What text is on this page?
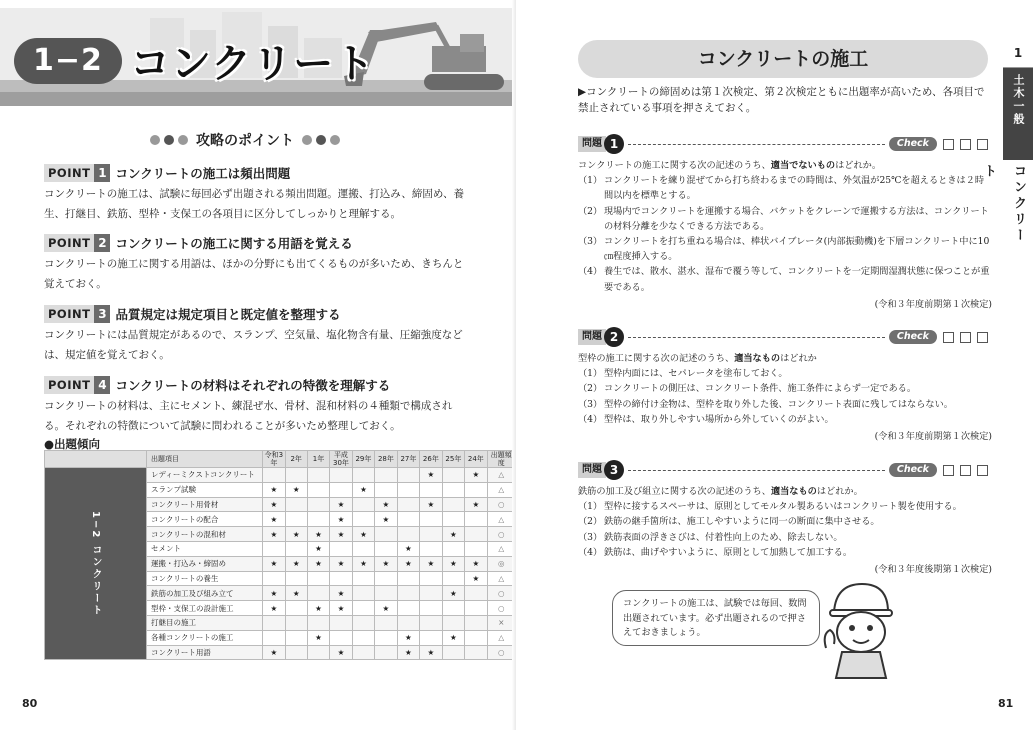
1−2 コンクリート
攻略のポイント
POINT 1 コンクリートの施工は頻出問題
コンクリートの施工は、試験に毎回必ず出題される頻出問題。運搬、打込み、締固め、養生、打継目、鉄筋、型枠・支保工の各項目に区分してしっかりと理解する。
POINT 2 コンクリートの施工に関する用語を覚える
コンクリートの施工に関する用語は、ほかの分野にも出てくるものが多いため、きちんと覚えておく。
POINT 3 品質規定は規定項目と既定値を整理する
コンクリートには品質規定があるので、スランプ、空気量、塩化物含有量、圧縮強度などは、規定値を覚えておく。
POINT 4 コンクリートの材料はそれぞれの特徴を理解する
コンクリートの材料は、主にセメント、練混ぜ水、骨材、混和材料の４種類で構成される。それぞれの特徴について試験に問われることが多いため整理しておく。
●出題傾向
	出題項目	令和3年	2年	1年	平成30年	29年	28年	27年	26年	25年	24年	出題頻度
1−2 コンクリート	レディーミクストコンクリート								★		★	△
	スランプ試験	★	★			★						△
	コンクリート用骨材	★			★		★		★		★	○
	コンクリートの配合	★			★		★					△
	コンクリートの混和材	★	★	★	★	★				★		○
	セメント			★				★				△
	運搬・打込み・締固め	★	★	★	★	★	★	★	★	★	★	◎
	コンクリートの養生										★	△
	鉄筋の加工及び組み立て	★	★		★					★		○
	型枠・支保工の設計施工	★		★	★		★					○
	打継目の施工											×
	各種コンクリートの施工			★				★		★		△
	コンクリート用語	★			★			★	★			○
80
コンクリートの施工
▶コンクリートの締固めは第１次検定、第２次検定ともに出題率が高いため、各項目で禁止されている事項を押さえておく。
問題 1	Check
コンクリートの施工に関する次の記述のうち、適当でないものはどれか。
（1） コンクリートを練り混ぜてから打ち終わるまでの時間は、外気温が25℃を超えるときは２時間以内を標準とする。
（2） 現場内でコンクリートを運搬する場合、バケットをクレーンで運搬する方法は、コンクリートの材料分離を少なくできる方法である。
（3） コンクリートを打ち重ねる場合は、棒状バイブレータ(内部振動機)を下層コンクリート中に10㎝程度挿入する。
（4） 養生では、散水、湛水、湿布で覆う等して、コンクリートを一定期間湿潤状態に保つことが重要である。
(令和３年度前期第１次検定)
問題 2	Check
型枠の施工に関する次の記述のうち、適当なものはどれか
（1） 型枠内面には、セパレータを塗布しておく。
（2） コンクリートの側圧は、コンクリート条件、施工条件によらず一定である。
（3） 型枠の締付け金物は、型枠を取り外した後、コンクリート表面に残してはならない。
（4） 型枠は、取り外しやすい場所から外していくのがよい。
(令和３年度前期第１次検定)
問題 3	Check
鉄筋の加工及び組立に関する次の記述のうち、適当なものはどれか。
（1） 型枠に接するスペーサは、原則としてモルタル製あるいはコンクリート製を使用する。
（2） 鉄筋の継手箇所は、施工しやすいように同一の断面に集中させる。
（3） 鉄筋表面の浮きさびは、付着性向上のため、除去しない。
（4） 鉄筋は、曲げやすいように、原則として加熱して加工する。
(令和３年度後期第１次検定)
コンクリートの施工は、試験では毎回、数問出題されています。必ず出題されるので押さえておきましょう。
1
土木一般
コンクリート
81
